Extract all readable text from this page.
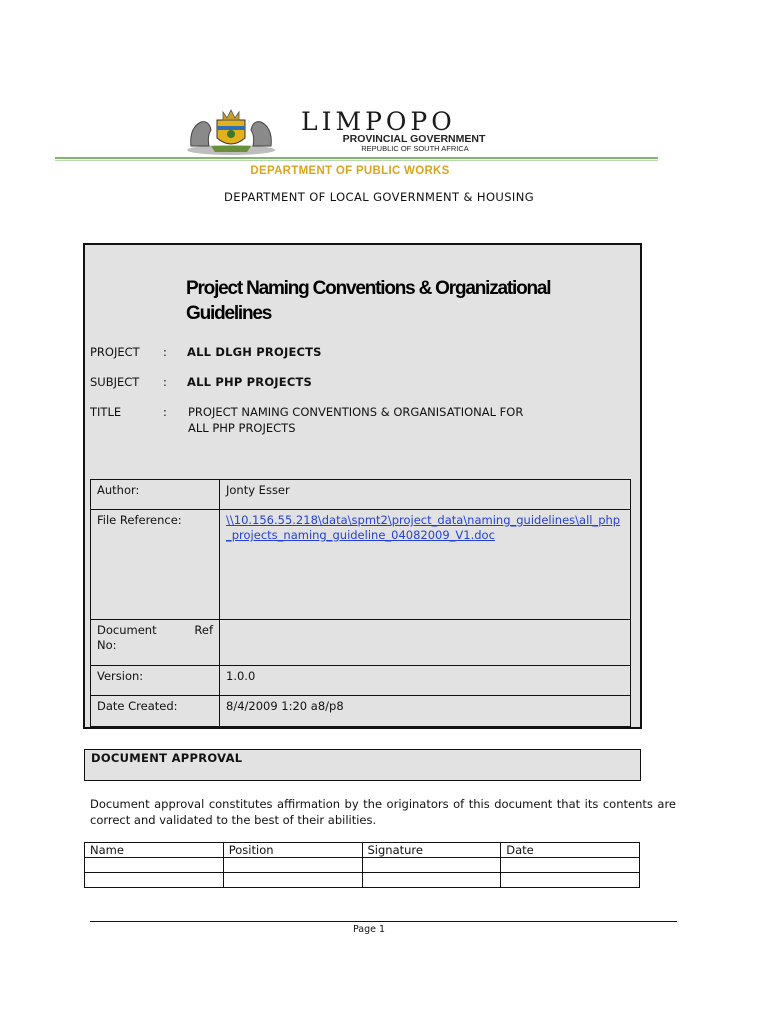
LIMPOPO
PROVINCIAL GOVERNMENT
REPUBLIC OF SOUTH AFRICA
DEPARTMENT OF PUBLIC WORKS
DEPARTMENT OF LOCAL GOVERNMENT & HOUSING
Project Naming Conventions & Organizational Guidelines
PROJECT : ALL DLGH PROJECTS
SUBJECT : ALL PHP PROJECTS
TITLE	: PROJECT NAMING CONVENTIONS & ORGANISATIONAL FOR
ALL PHP PROJECTS
Author:	Jonty Esser
File Reference:	\\10.156.55.218\data\spmt2\project_data\naming_guidelines\all_php_projects_naming_guideline_04082009_V1.doc

Document Ref
No:	

Version:	1.0.0
Date Created:	8/4/2009 1:20 a8/p8
DOCUMENT APPROVAL
Document approval constitutes affirmation by the originators of this document that its contents are correct and validated to the best of their abilities.
Name	Position	Signature	Date

Page 1
